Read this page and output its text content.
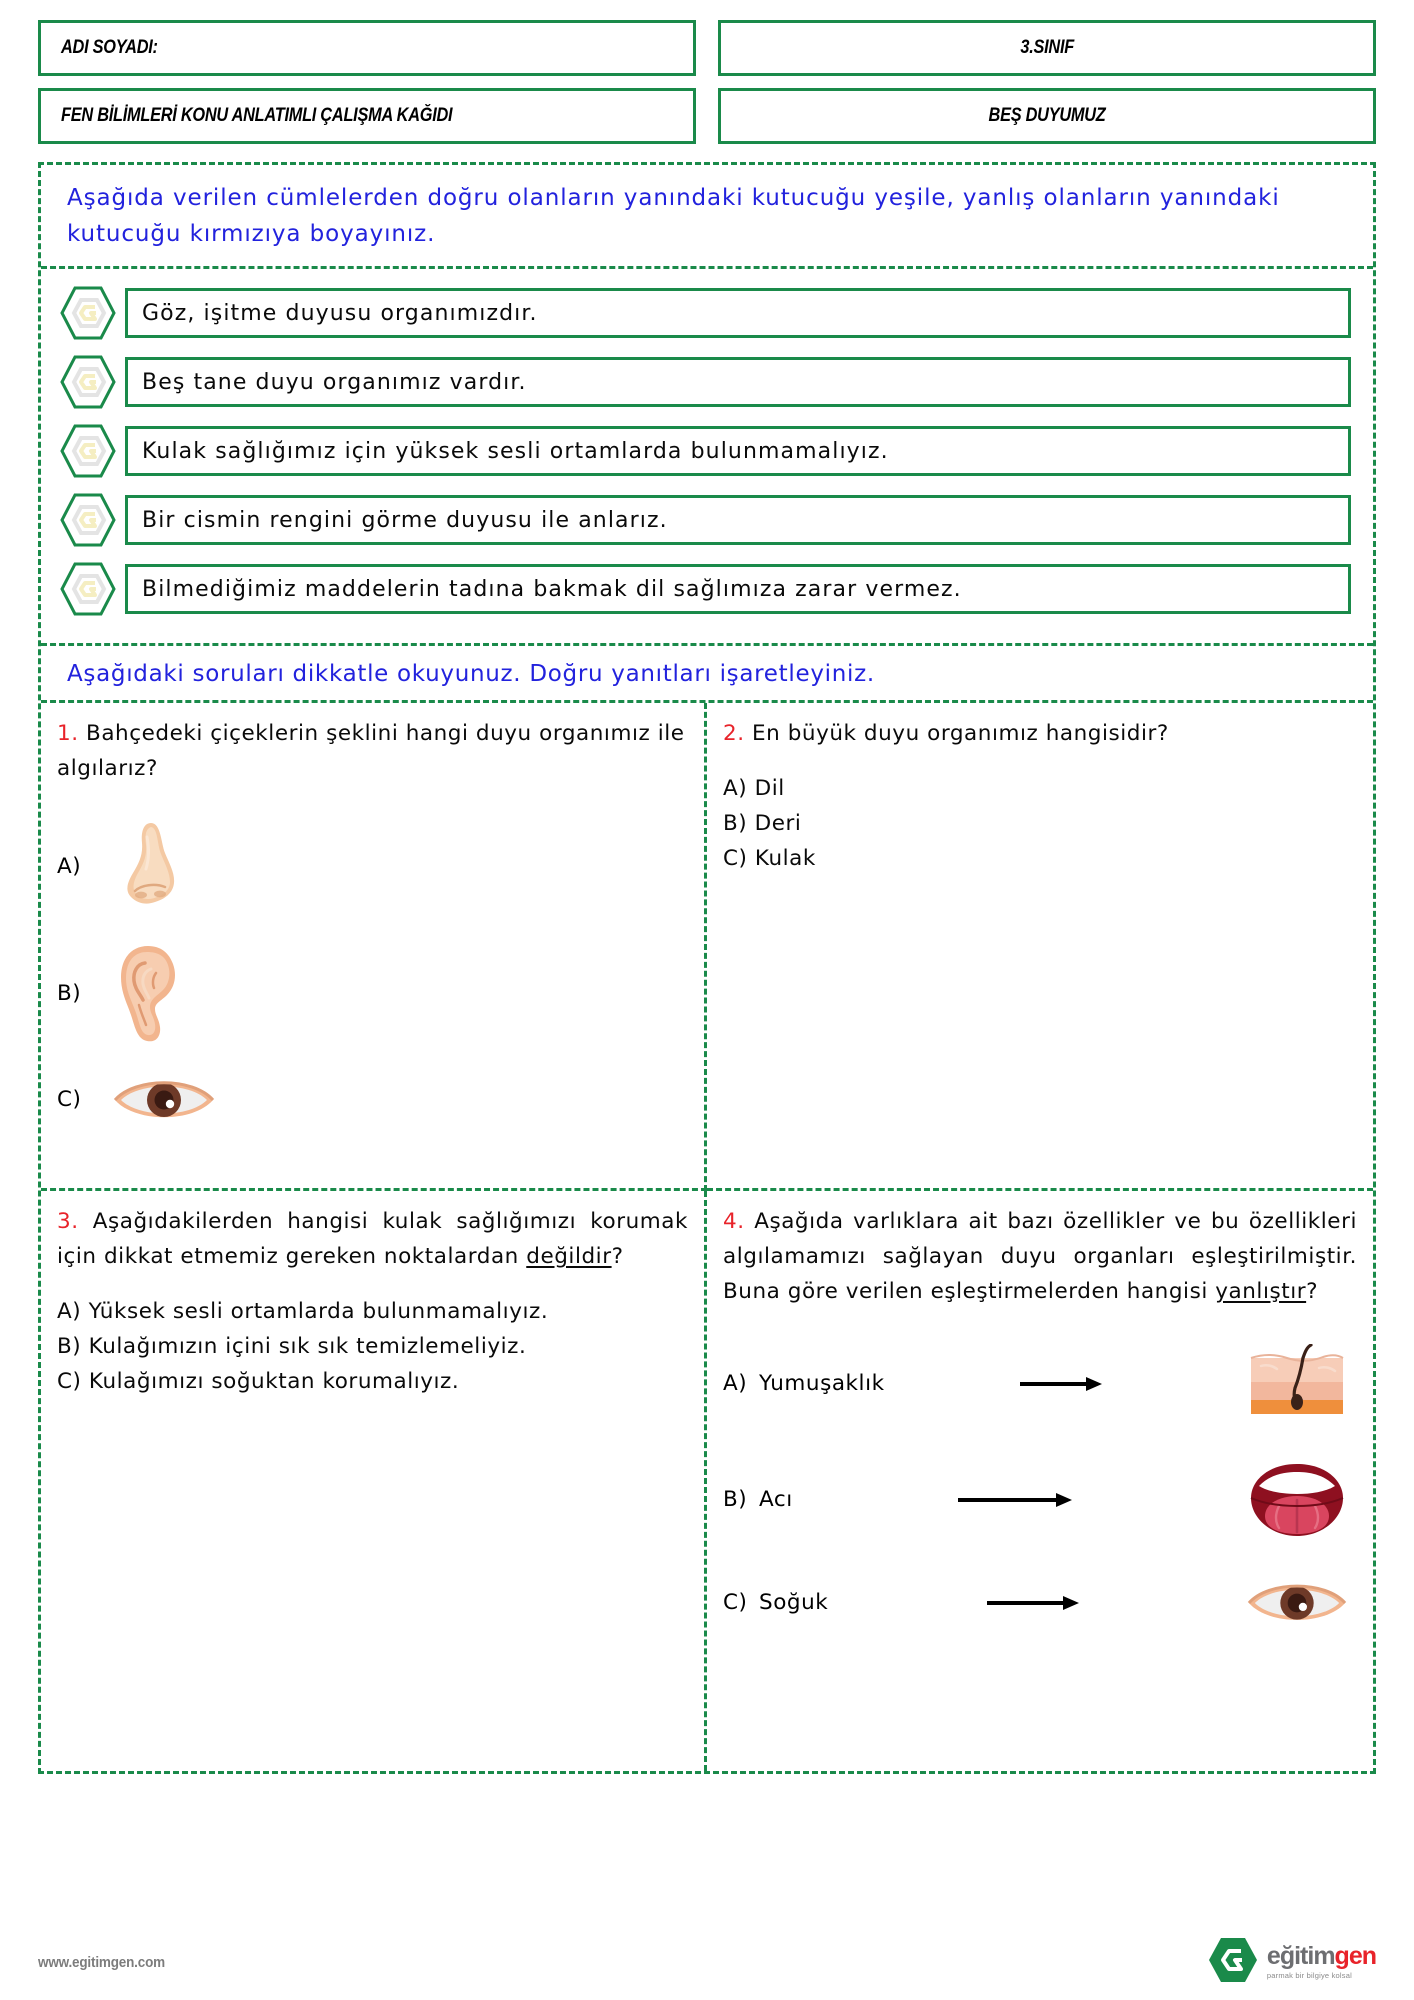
ADI SOYADI:	3.SINIF
FEN BİLİMLERİ KONU ANLATIMLI ÇALIŞMA KAĞIDI	BEŞ DUYUMUZ
Aşağıda verilen cümlelerden doğru olanların yanındaki kutucuğu yeşile, yanlış olanların yanındaki kutucuğu kırmızıya boyayınız.
Göz, işitme duyusu organımızdır.
Beş tane duyu organımız vardır.
Kulak sağlığımız için yüksek sesli ortamlarda bulunmamalıyız.
Bir cismin rengini görme duyusu ile anlarız.
Bilmediğimiz maddelerin tadına bakmak dil sağlımıza zarar vermez.
Aşağıdaki soruları dikkatle okuyunuz. Doğru yanıtları işaretleyiniz.
1. Bahçedeki çiçeklerin şeklini hangi duyu organımız ile algılarız?
A)
B)
C)
2. En büyük duyu organımız hangisidir?
A) Dil
B) Deri
C) Kulak
3. Aşağıdakilerden hangisi kulak sağlığımızı korumak için dikkat etmemiz gereken noktalardan değildir?
A) Yüksek sesli ortamlarda bulunmamalıyız.
B) Kulağımızın içini sık sık temizlemeliyiz.
C) Kulağımızı soğuktan korumalıyız.
4. Aşağıda varlıklara ait bazı özellikler ve bu özellikleri algılamamızı sağlayan duyu organları eşleştirilmiştir. Buna göre verilen eşleştirmelerden hangisi yanlıştır?
A) Yumuşaklık
B) Acı
C) Soğuk
www.egitimgen.com	eğitimgen
parmak bir bilgiye kolsal
